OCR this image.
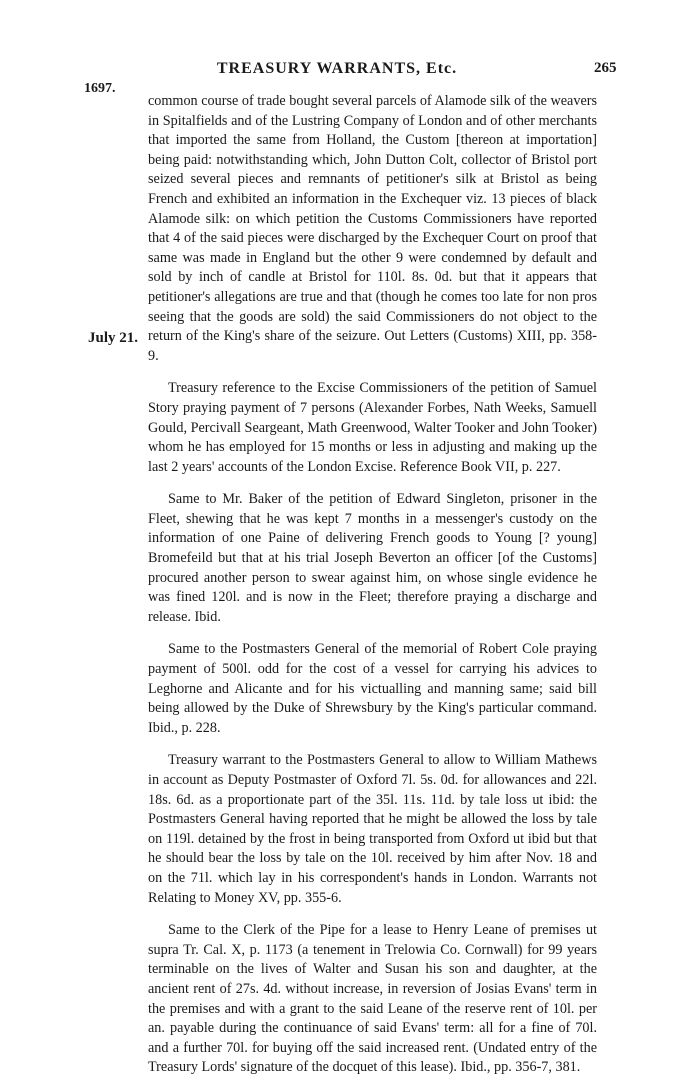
1697.
TREASURY WARRANTS, Etc.	265
July 21.

common course of trade bought several parcels of Alamode silk of the weavers in Spitalfields and of the Lustring Company of London and of other merchants that imported the same from Holland, the Custom [thereon at importation] being paid: notwithstanding which, John Dutton Colt, collector of Bristol port seized several pieces and remnants of petitioner's silk at Bristol as being French and exhibited an information in the Exchequer viz. 13 pieces of black Alamode silk: on which petition the Customs Commissioners have reported that 4 of the said pieces were discharged by the Exchequer Court on proof that same was made in England but the other 9 were condemned by default and sold by inch of candle at Bristol for 110l. 8s. 0d. but that it appears that petitioner's allegations are true and that (though he comes too late for non pros seeing that the goods are sold) the said Commissioners do not object to the return of the King's share of the seizure. Out Letters (Customs) XIII, pp. 358-9.

Treasury reference to the Excise Commissioners of the petition of Samuel Story praying payment of 7 persons (Alexander Forbes, Nath Weeks, Samuell Gould, Percivall Seargeant, Math Greenwood, Walter Tooker and John Tooker) whom he has employed for 15 months or less in adjusting and making up the last 2 years' accounts of the London Excise. Reference Book VII, p. 227.

Same to Mr. Baker of the petition of Edward Singleton, prisoner in the Fleet, shewing that he was kept 7 months in a messenger's custody on the information of one Paine of delivering French goods to Young [? young] Bromefeild but that at his trial Joseph Beverton an officer [of the Customs] procured another person to swear against him, on whose single evidence he was fined 120l. and is now in the Fleet; therefore praying a discharge and release. Ibid.

Same to the Postmasters General of the memorial of Robert Cole praying payment of 500l. odd for the cost of a vessel for carrying his advices to Leghorne and Alicante and for his victualling and manning same; said bill being allowed by the Duke of Shrewsbury by the King's particular command. Ibid., p. 228.

Treasury warrant to the Postmasters General to allow to William Mathews in account as Deputy Postmaster of Oxford 7l. 5s. 0d. for allowances and 22l. 18s. 6d. as a proportionate part of the 35l. 11s. 11d. by tale loss ut ibid: the Postmasters General having reported that he might be allowed the loss by tale on 119l. detained by the frost in being transported from Oxford ut ibid but that he should bear the loss by tale on the 10l. received by him after Nov. 18 and on the 71l. which lay in his correspondent's hands in London. Warrants not Relating to Money XV, pp. 355-6.

Same to the Clerk of the Pipe for a lease to Henry Leane of premises ut supra Tr. Cal. X, p. 1173 (a tenement in Trelowia Co. Cornwall) for 99 years terminable on the lives of Walter and Susan his son and daughter, at the ancient rent of 27s. 4d. without increase, in reversion of Josias Evans' term in the premises and with a grant to the said Leane of the reserve rent of 10l. per an. payable during the continuance of said Evans' term: all for a fine of 70l. and a further 70l. for buying off the said increased rent. (Undated entry of the Treasury Lords' signature of the docquet of this lease). Ibid., pp. 356-7, 381.
